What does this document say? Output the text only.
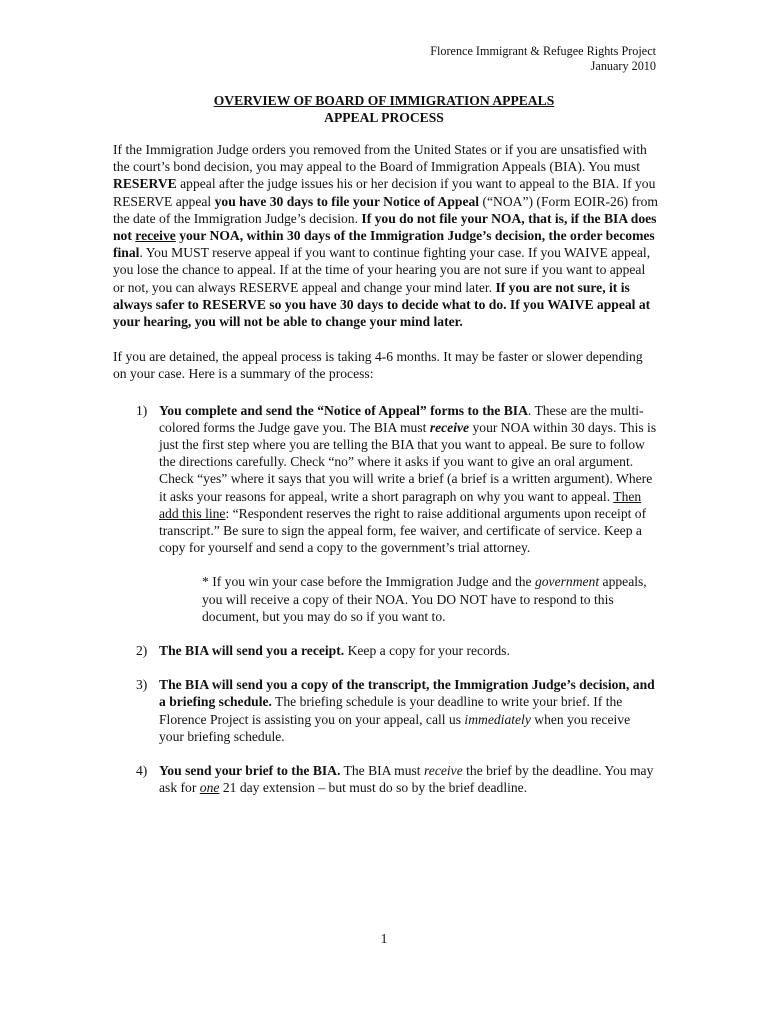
Florence Immigrant & Refugee Rights Project
January 2010
OVERVIEW OF BOARD OF IMMIGRATION APPEALS
APPEAL PROCESS

If the Immigration Judge orders you removed from the United States or if you are unsatisfied with the court’s bond decision, you may appeal to the Board of Immigration Appeals (BIA). You must RESERVE appeal after the judge issues his or her decision if you want to appeal to the BIA. If you RESERVE appeal you have 30 days to file your Notice of Appeal (“NOA”) (Form EOIR-26) from the date of the Immigration Judge’s decision. If you do not file your NOA, that is, if the BIA does not receive your NOA, within 30 days of the Immigration Judge’s decision, the order becomes final. You MUST reserve appeal if you want to continue fighting your case. If you WAIVE appeal, you lose the chance to appeal. If at the time of your hearing you are not sure if you want to appeal or not, you can always RESERVE appeal and change your mind later. If you are not sure, it is always safer to RESERVE so you have 30 days to decide what to do. If you WAIVE appeal at your hearing, you will not be able to change your mind later.

If you are detained, the appeal process is taking 4-6 months. It may be faster or slower depending on your case. Here is a summary of the process:

1) You complete and send the “Notice of Appeal” forms to the BIA. These are the multi-colored forms the Judge gave you. The BIA must receive your NOA within 30 days. This is just the first step where you are telling the BIA that you want to appeal. Be sure to follow the directions carefully. Check “no” where it asks if you want to give an oral argument. Check “yes” where it says that you will write a brief (a brief is a written argument). Where it asks your reasons for appeal, write a short paragraph on why you want to appeal. Then add this line: “Respondent reserves the right to raise additional arguments upon receipt of transcript.” Be sure to sign the appeal form, fee waiver, and certificate of service. Keep a copy for yourself and send a copy to the government’s trial attorney.

* If you win your case before the Immigration Judge and the government appeals, you will receive a copy of their NOA. You DO NOT have to respond to this document, but you may do so if you want to.

2) The BIA will send you a receipt. Keep a copy for your records.
3) The BIA will send you a copy of the transcript, the Immigration Judge’s decision, and a briefing schedule. The briefing schedule is your deadline to write your brief. If the Florence Project is assisting you on your appeal, call us immediately when you receive your briefing schedule.
4) You send your brief to the BIA. The BIA must receive the brief by the deadline. You may ask for one 21 day extension – but must do so by the brief deadline.
1
